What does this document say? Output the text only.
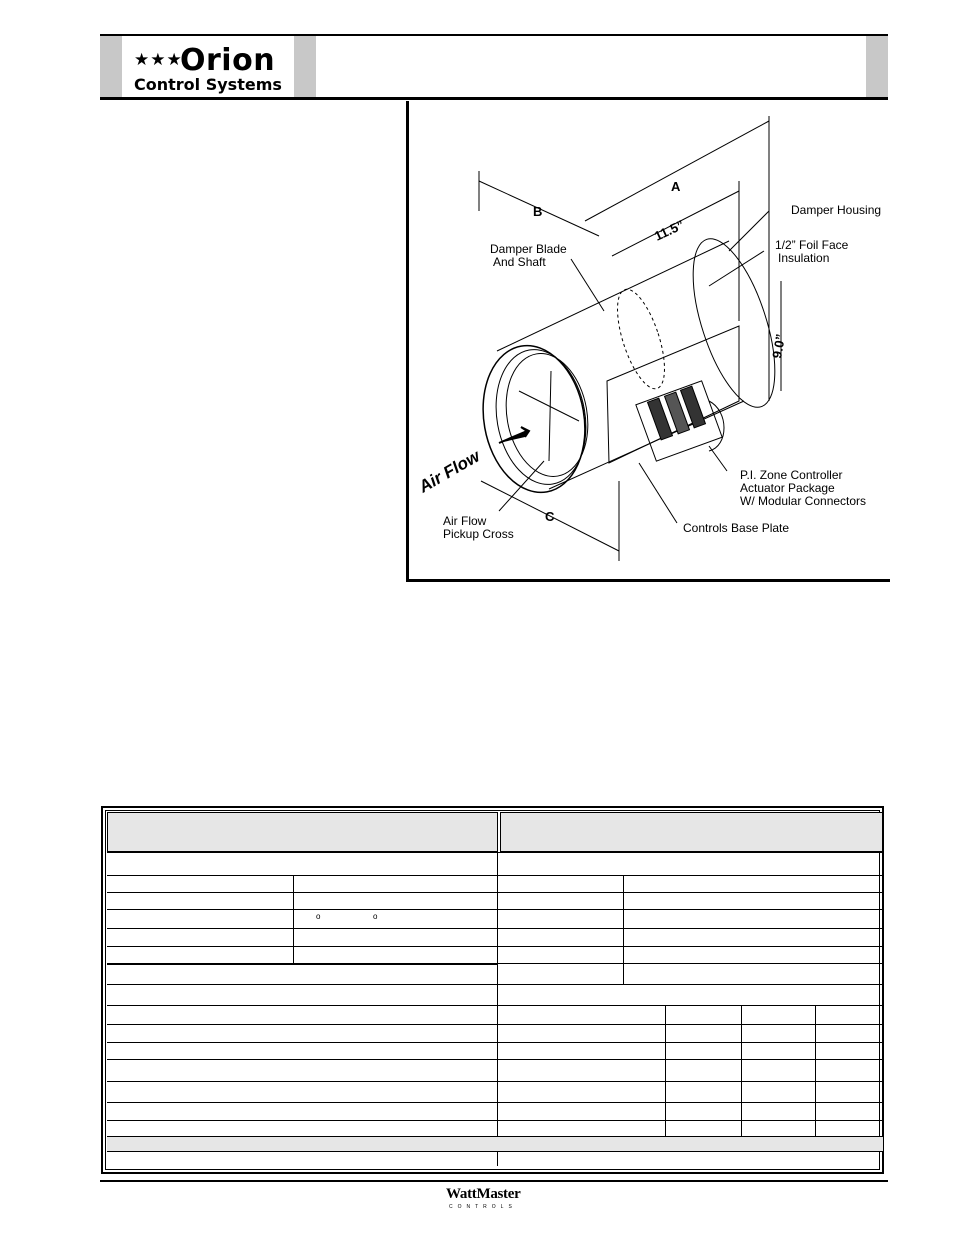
★★★
Orion
Control Systems
A
B
C
11.5”
9.0”
Damper Housing
1/2” Foil Face
Insulation
Damper Blade
And Shaft
P.I. Zone Controller
Actuator Package
W/ Modular Connectors
Controls Base Plate
Air Flow
Pickup Cross
Air Flow
o	o
WattMaster
CONTROLS
